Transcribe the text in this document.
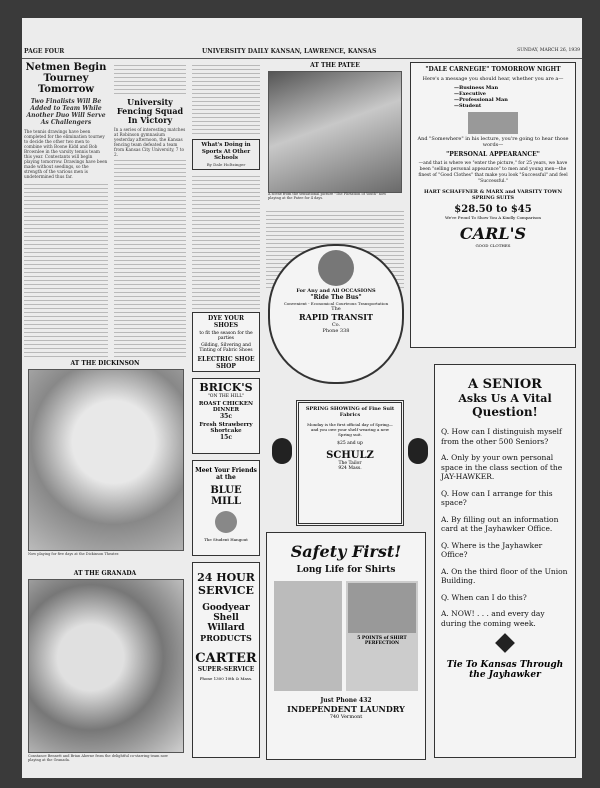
PAGE FOUR	UNIVERSITY DAILY KANSAN, LAWRENCE, KANSAS	SUNDAY, MARCH 26, 1939
Netmen Begin Tourney Tomorrow
Two Finalists Will Be Added to Team While Another Duo Will Serve As Challengers
The tennis drawings have been completed for the elimination tourney to decide the other two men to combine with Boone Kidd and Bob Brownlee in the varsity tennis team this year. Contestants will begin playing tomorrow. Drawings have been made without seedings, so the strength of the various men is undetermined thus far.
University Fencing Squad In Victory
In a series of interesting matches at Robinson gymnasium yesterday afternoon, the Kansas fencing team defeated a team from Kansas City University, 7 to 2.
What's Doing in Sports At Other Schools
By Dale Holtzinger
AT THE PATEE
A scene from the sensational picture "The Flirtation of Youth" now playing at the Patee for 4 days.
For Any and All OCCASIONS
"Ride The Bus"
Convenient - Economical Courteous Transportation
The
RAPID TRANSIT
Co.
Phone 338
"DALE CARNEGIE" TOMORROW NIGHT
Here's a message you should hear, whether you are a—
—Business Man
—Executive
—Professional Man
—Student
And "Somewhere" in his lecture, you're going to hear those words—
"PERSONAL APPEARANCE"
—and that is where we "enter the picture," for 25 years, we have been "selling personal appearance" to men and young men—the finest of "Good Clothes" that make you look "Successful" and feel "Successful."
HART SCHAFFNER & MARX and VARSITY TOWN SPRING SUITS
$28.50 to $45
We're Proud To Show You A Kindly Comparison
CARL'S
GOOD CLOTHES
AT THE DICKINSON
Now playing for five days at the Dickinson Theater.
AT THE GRANADA
Constance Bennett and Brian Aherne from the delightful co-starring team now playing at the Granada.
DYE YOUR SHOES
to fit the season for the parties
Gilding, Silvering and Tinting of Fabric Shoes
ELECTRIC SHOE SHOP
BRICK'S
"ON THE HILL"
ROAST CHICKEN DINNER
35c
Fresh Strawberry Shortcake
15c
Meet Your Friends at the
BLUE MILL
The Student Hangout
24 HOUR
SERVICE
Goodyear
Shell
Willard
PRODUCTS
CARTER
SUPER-SERVICE
Phone 1300 10th & Mass.
SPRING SHOWING of Fine Suit Fabrics
Monday is the first official day of Spring—and you owe your shelf wearing a new Spring suit.
$25 and up
SCHULZ
The Tailor
924 Mass.
Safety First!
Long Life for Shirts
5 POINTS of SHIRT PERFECTION
Just Phone 432
INDEPENDENT LAUNDRY
740 Vermont
A SENIOR
Asks Us A Vital
Question!
Q. How can I distinguish myself from the other 500 Seniors?
A. Only by your own personal space in the class section of the JAY-HAWKER.
Q. How can I arrange for this space?
A. By filling out an information card at the Jayhawker Office.
Q. Where is the Jayhawker Office?
A. On the third floor of the Union Building.
Q. When can I do this?
A. NOW! . . . and every day during the coming week.
Tie To Kansas Through the Jayhawker
